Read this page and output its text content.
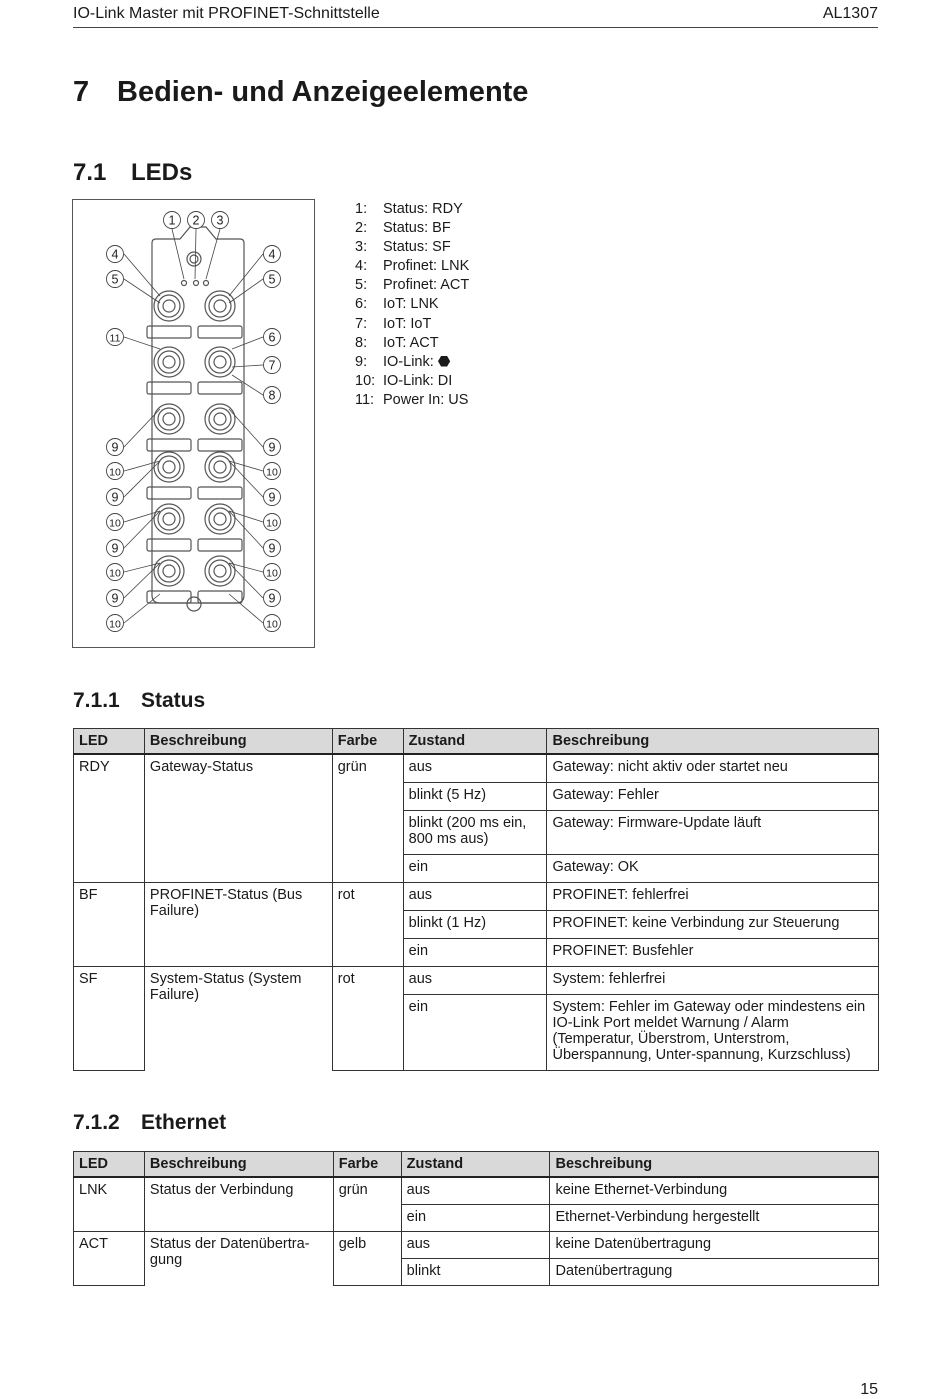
IO-Link Master mit PROFINET-Schnittstelle	AL1307
7 Bedien- und Anzeigeelemente
7.1 LEDs
1 2 3
4
5
11
9
10
9
10
9
10
9
10
4
5
6
7
8
9
10
9
10
9
10
9
10
1:	Status: RDY
2:	Status: BF
3:	Status: SF
4:	Profinet: LNK
5:	Profinet: ACT
6:	IoT: LNK
7:	IoT: IoT
8:	IoT: ACT
9:	IO-Link: ⬣
10: IO-Link: DI
11: Power In: US
7.1.1 Status
LED	Beschreibung	Farbe	Zustand	Beschreibung
RDY	Gateway-Status	grün	aus	Gateway: nicht aktiv oder startet neu
			blinkt (5 Hz)	Gateway: Fehler
			blinkt (200 ms ein, 800 ms aus)	Gateway: Firmware-Update läuft
			ein	Gateway: OK
BF	PROFINET-Status (Bus Failure)	rot	aus	PROFINET: fehlerfrei
			blinkt (1 Hz)	PROFINET: keine Verbindung zur Steuerung
			ein	PROFINET: Busfehler
SF	System-Status (System Failure)	rot	aus	System: fehlerfrei
			ein	System: Fehler im Gateway oder mindestens ein IO-Link Port meldet Warnung / Alarm (Temperatur, Überstrom, Unterstrom, Überspannung, Unter-spannung, Kurzschluss)
7.1.2 Ethernet
LED	Beschreibung	Farbe	Zustand	Beschreibung
LNK	Status der Verbindung	grün	aus	keine Ethernet-Verbindung
			ein	Ethernet-Verbindung hergestellt
ACT	Status der Datenübertra-gung	gelb	aus	keine Datenübertragung
			blinkt	Datenübertragung
15
